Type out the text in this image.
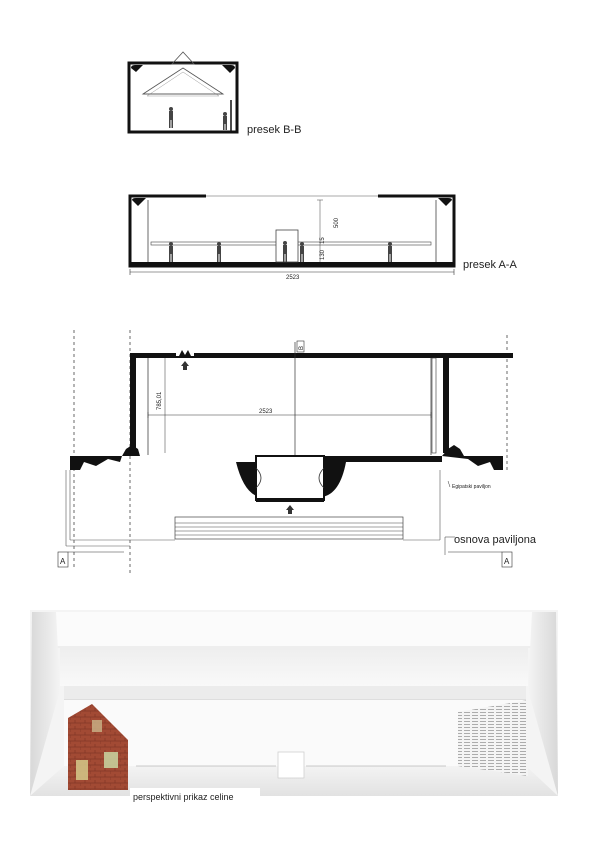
presek B-B
2523
500
15
130
presek A-A
B
2523
785,01
Egipatski paviljon
osnova paviljona
A	A
perspektivni prikaz celine
